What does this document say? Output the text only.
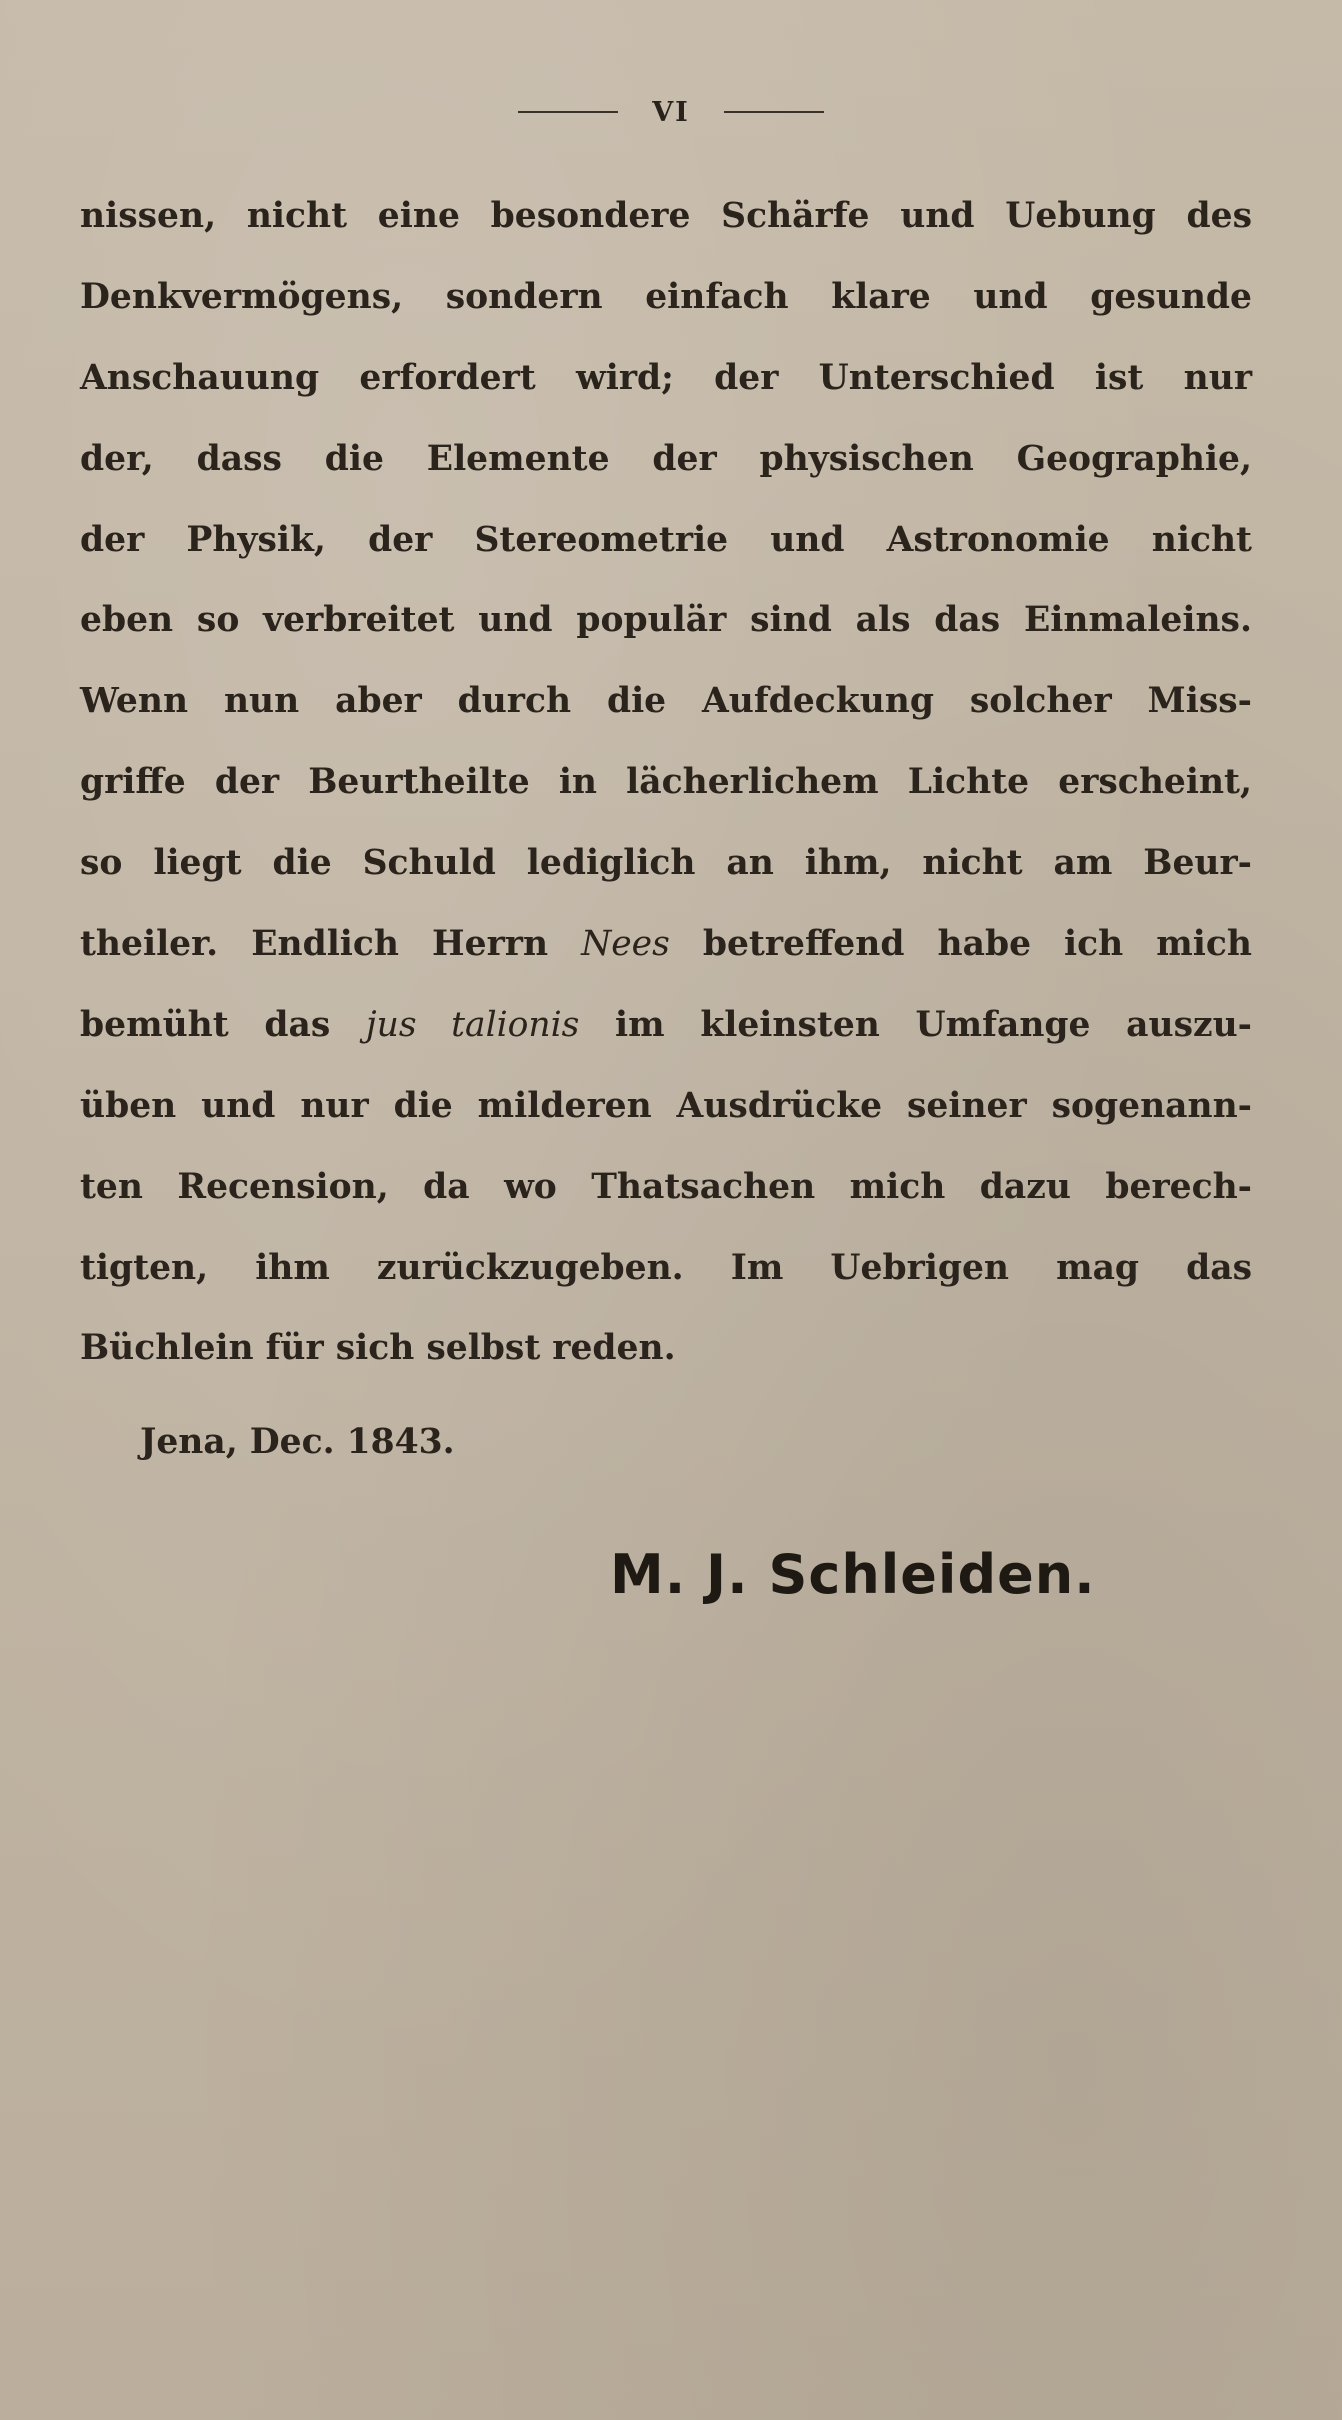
VI
nissen, nicht eine besondere Schärfe und Uebung des
Denkvermögens, sondern einfach klare und gesunde
Anschauung erfordert wird; der Unterschied ist nur
der, dass die Elemente der physischen Geographie,
der Physik, der Stereometrie und Astronomie nicht
eben so verbreitet und populär sind als das Einmaleins.
Wenn nun aber durch die Aufdeckung solcher Miss-
griffe der Beurtheilte in lächerlichem Lichte erscheint,
so liegt die Schuld lediglich an ihm, nicht am Beur-
theiler. Endlich Herrn Nees betreffend habe ich mich
bemüht das jus talionis im kleinsten Umfange auszu-
üben und nur die milderen Ausdrücke seiner sogenann-
ten Recension, da wo Thatsachen mich dazu berech-
tigten, ihm zurückzugeben. Im Uebrigen mag das
Büchlein für sich selbst reden.
Jena, Dec. 1843.
M. J. Schleiden.
